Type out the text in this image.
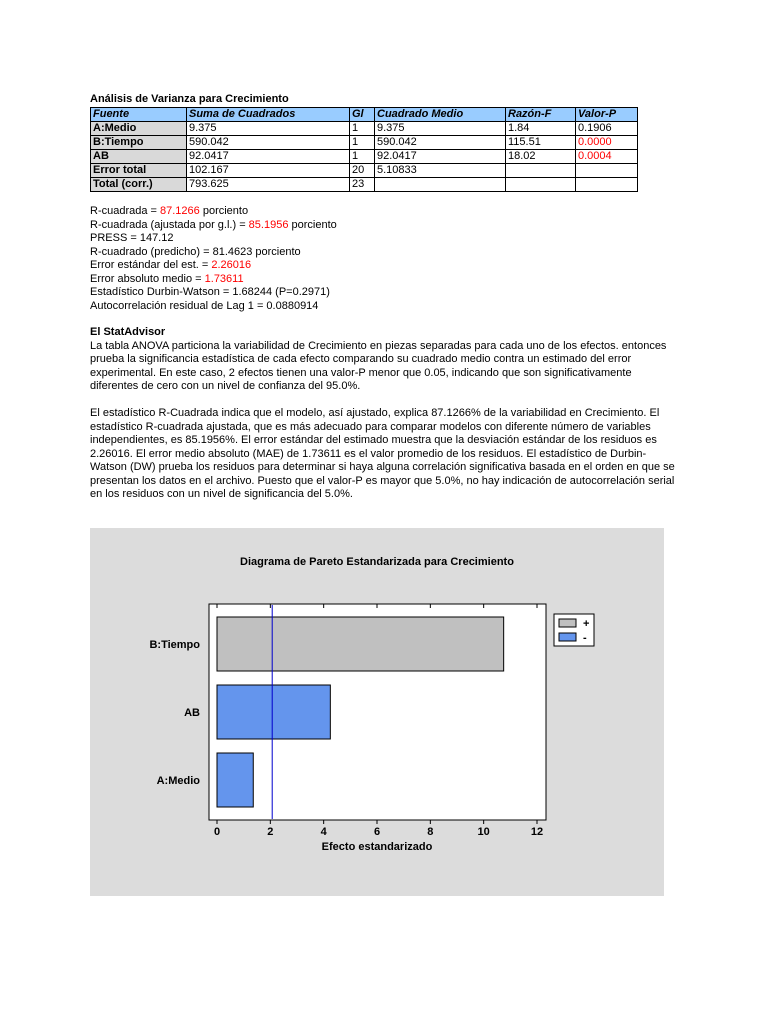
Análisis de Varianza para Crecimiento
Fuente	Suma de Cuadrados	Gl	Cuadrado Medio	Razón-F	Valor-P
A:Medio	9.375	1	9.375	1.84	0.1906
B:Tiempo	590.042	1	590.042	115.51	0.0000
AB	92.0417	1	92.0417	18.02	0.0004
Error total	102.167	20	5.10833		
Total (corr.)	793.625	23			
R-cuadrada = 87.1266 porciento
R-cuadrada (ajustada por g.l.) = 85.1956 porciento
PRESS = 147.12
R-cuadrado (predicho) = 81.4623 porciento
Error estándar del est. = 2.26016
Error absoluto medio = 1.73611
Estadístico Durbin-Watson = 1.68244 (P=0.2971)
Autocorrelación residual de Lag 1 = 0.0880914
El StatAdvisor

La tabla ANOVA particiona la variabilidad de Crecimiento en piezas separadas para cada uno de los efectos. entonces prueba la significancia estadística de cada efecto comparando su cuadrado medio contra un estimado del error experimental. En este caso, 2 efectos tienen una valor-P menor que 0.05, indicando que son significativamente diferentes de cero con un nivel de confianza del 95.0%.

El estadístico R-Cuadrada indica que el modelo, así ajustado, explica 87.1266% de la variabilidad en Crecimiento. El estadístico R-cuadrada ajustada, que es más adecuado para comparar modelos con diferente número de variables independientes, es 85.1956%. El error estándar del estimado muestra que la desviación estándar de los residuos es 2.26016. El error medio absoluto (MAE) de 1.73611 es el valor promedio de los residuos. El estadístico de Durbin-Watson (DW) prueba los residuos para determinar si haya alguna correlación significativa basada en el orden en que se presentan los datos en el archivo. Puesto que el valor-P es mayor que 5.0%, no hay indicación de autocorrelación serial en los residuos con un nivel de significancia del 5.0%.

Diagrama de Pareto Estandarizada para Crecimiento
B:Tiempo
AB
A:Medio
0	2	4	6	8	10	12
Efecto estandarizado
+
-
